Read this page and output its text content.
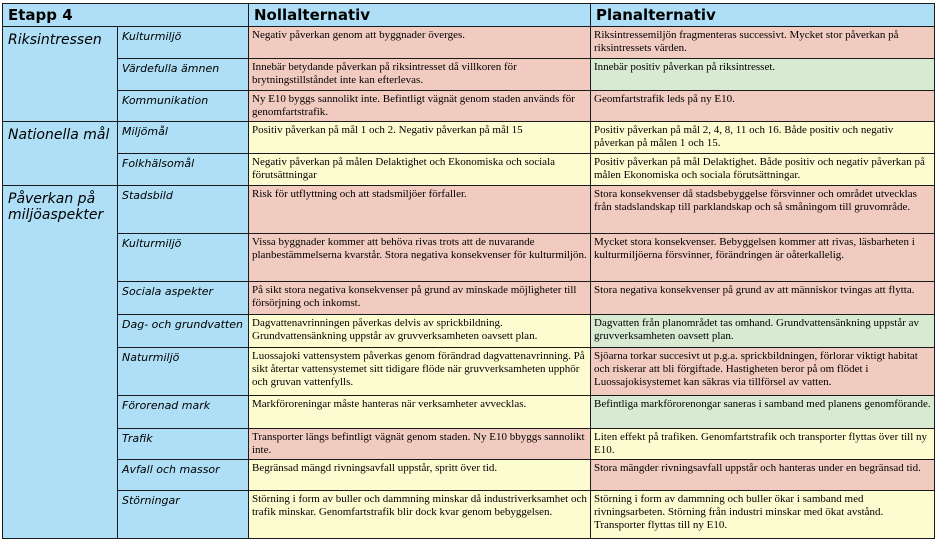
Etapp 4		Nollalternativ	Planalternativ
Riksintressen	Kulturmiljö	Negativ påverkan genom att byggnader överges.	Riksintressemiljön fragmenteras successivt. Mycket stor påverkan på riksintressets värden.
	Värdefulla ämnen	Innebär betydande påverkan på riksintresset då villkoren för brytningstillståndet inte kan efterlevas.	Innebär positiv påverkan på riksintresset.
	Kommunikation	Ny E10 byggs sannolikt inte. Befintligt vägnät genom staden används för genomfartstrafik.	Geomfartstrafik leds på ny E10.
Nationella mål	Miljömål	Positiv påverkan på mål 1 och 2. Negativ påverkan på mål 15	Positiv påverkan på mål 2, 4, 8, 11 och 16. Både positiv och negativ påverkan på målen 1 och 15.
	Folkhälsomål	Negativ påverkan på målen Delaktighet och Ekonomiska och sociala förutsättningar	Positiv påverkan på mål Delaktighet. Både positiv och negativ påverkan på målen Ekonomiska och sociala förutsättningar.
Påverkan på miljöaspekter	Stadsbild	Risk för utflyttning och att stadsmiljöer förfaller.	Stora konsekvenser då stadsbebyggelse försvinner och området utvecklas från stadslandskap till parklandskap och så småningom till gruvområde.
	Kulturmiljö	Vissa byggnader kommer att behöva rivas trots att de nuvarande planbestämmelserna kvarstår. Stora negativa konsekvenser för kulturmiljön.	Mycket stora konsekvenser. Bebyggelsen kommer att rivas, läsbarheten i kulturmiljöerna försvinner, förändringen är oåterkallelig.
	Sociala aspekter	På sikt stora negativa konsekvenser på grund av minskade möjligheter till försörjning och inkomst.	Stora negativa konsekvenser på grund av att människor tvingas att flytta.
	Dag- och grundvatten	Dagvattenavrinningen påverkas delvis av sprickbildning. Grundvattensänkning uppstår av gruvverksamheten oavsett plan.	Dagvatten från planområdet tas omhand. Grundvattensänkning uppstår av gruvverksamheten oavsett plan.
	Naturmiljö	Luossajoki vattensystem påverkas genom förändrad dagvattenavrinning. På sikt återtar vattensystemet sitt tidigare flöde när gruvverksamheten upphör och gruvan vattenfylls.	Sjöarna torkar succesivt ut p.g.a. sprickbildningen, förlorar viktigt habitat och riskerar att bli förgiftade. Hastigheten beror på om flödet i Luossajokisystemet kan säkras via tillförsel av vatten.
	Förorenad mark	Markföroreningar måste hanteras när verksamheter avvecklas.	Befintliga markförorenongar saneras i samband med planens genomförande.
	Trafik	Transporter längs befintligt vägnät genom staden. Ny E10 bbyggs sannolikt inte.	Liten effekt på trafiken. Genomfartstrafik och transporter flyttas över till ny E10.
	Avfall och massor	Begränsad mängd rivningsavfall uppstår, spritt över tid.	Stora mängder rivningsavfall uppstår och hanteras under en begränsad tid.
	Störningar	Störning i form av buller och dammning minskar då industriverksamhet och trafik minskar. Genomfartstrafik blir dock kvar genom bebyggelsen.	Störning i form av dammning och buller ökar i samband med rivningsarbeten. Störning från industri minskar med ökat avstånd. Transporter flyttas till ny E10.
